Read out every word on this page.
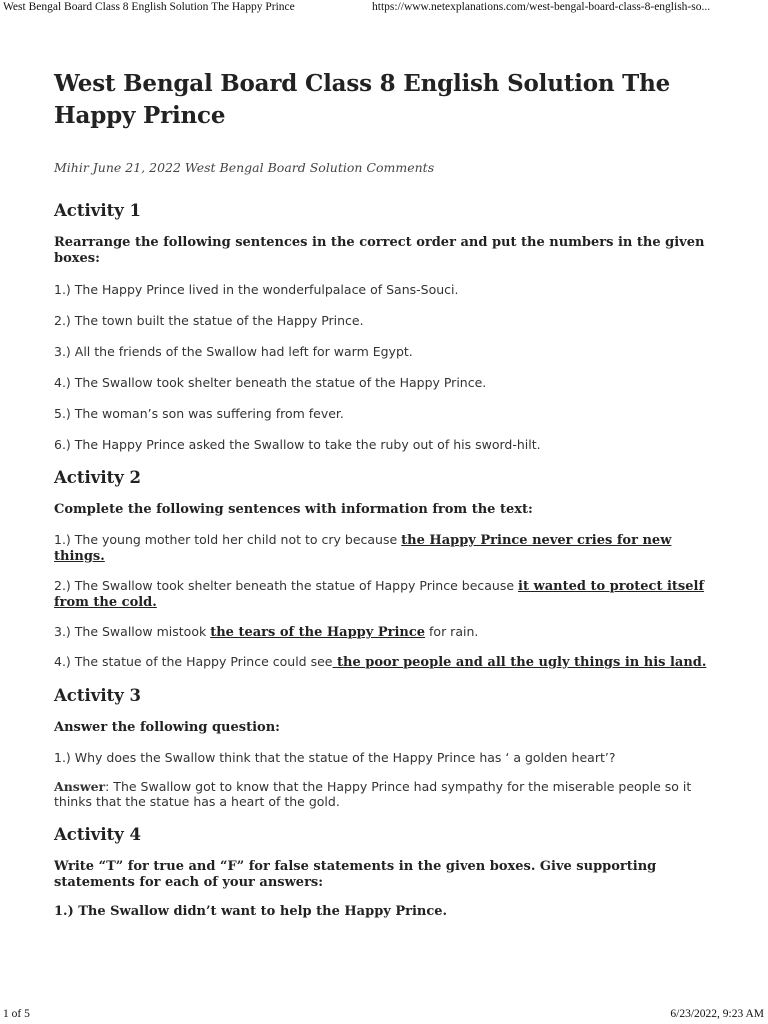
West Bengal Board Class 8 English Solution The Happy Prince	https://www.netexplanations.com/west-bengal-board-class-8-english-so...
West Bengal Board Class 8 English Solution The Happy Prince
Mihir June 21, 2022 West Bengal Board Solution Comments
Activity 1
Rearrange the following sentences in the correct order and put the numbers in the given boxes:
1.) The Happy Prince lived in the wonderfulpalace of Sans-Souci.
2.) The town built the statue of the Happy Prince.
3.) All the friends of the Swallow had left for warm Egypt.
4.) The Swallow took shelter beneath the statue of the Happy Prince.
5.) The woman’s son was suffering from fever.
6.) The Happy Prince asked the Swallow to take the ruby out of his sword-hilt.
Activity 2
Complete the following sentences with information from the text:
1.) The young mother told her child not to cry because the Happy Prince never cries for new things.
2.) The Swallow took shelter beneath the statue of Happy Prince because it wanted to protect itself from the cold.
3.) The Swallow mistook the tears of the Happy Prince for rain.
4.) The statue of the Happy Prince could see the poor people and all the ugly things in his land.
Activity 3
Answer the following question:
1.) Why does the Swallow think that the statue of the Happy Prince has ‘ a golden heart’?
Answer: The Swallow got to know that the Happy Prince had sympathy for the miserable people so it thinks that the statue has a heart of the gold.
Activity 4
Write “T” for true and “F” for false statements in the given boxes. Give supporting statements for each of your answers:
1.) The Swallow didn’t want to help the Happy Prince.
1 of 5	6/23/2022, 9:23 AM
